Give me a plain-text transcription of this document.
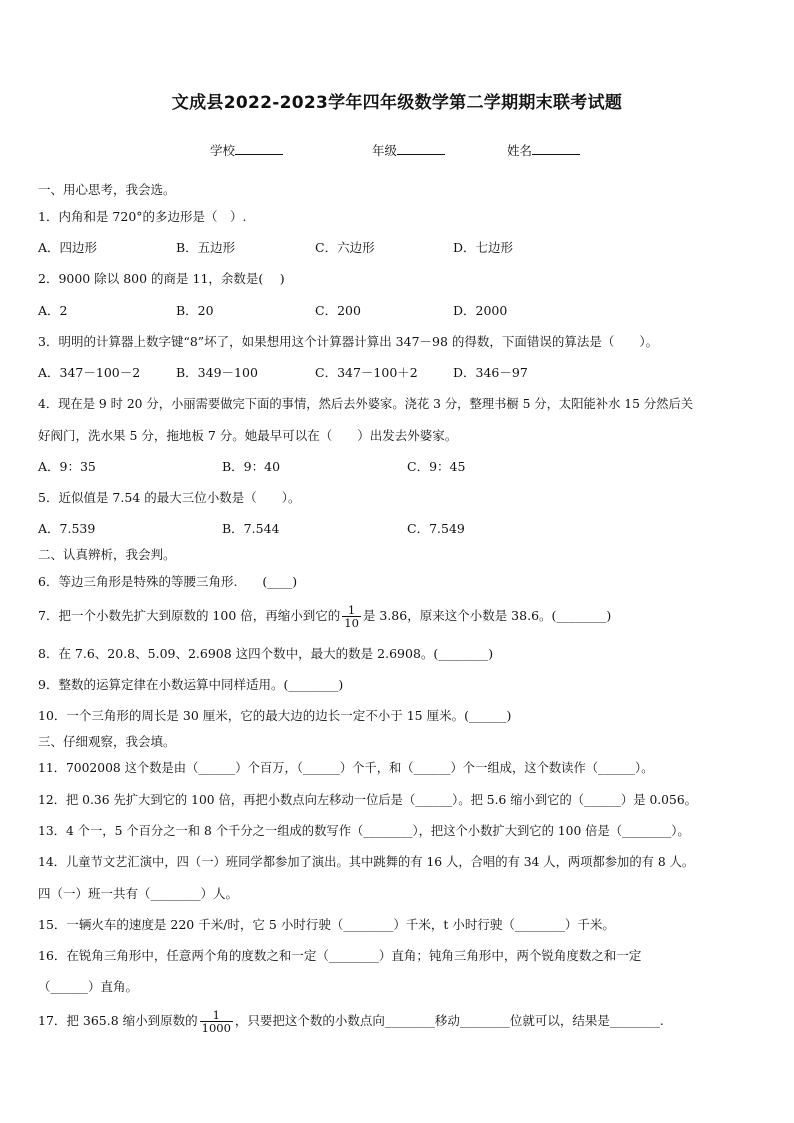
文成县2022-2023学年四年级数学第二学期期末联考试题
学校	年级	姓名
一、用心思考，我会选。
1．内角和是 720°的多边形是（　）.
A．四边形	B．五边形	C．六边形	D．七边形
2．9000 除以 800 的商是 11，余数是(　 )
A．2	B．20	C．200	D．2000
3．明明的计算器上数字键“8”坏了，如果想用这个计算器计算出 347－98 的得数，下面错误的算法是（　　）。
A．347－100－2	B．349－100	C．347－100＋2	D．346－97
4．现在是 9 时 20 分，小丽需要做完下面的事情，然后去外婆家。浇花 3 分，整理书橱 5 分，太阳能补水 15 分然后关
好阀门，洗水果 5 分，拖地板 7 分。她最早可以在（　　）出发去外婆家。
A．9：35	B．9：40	C．9：45
5．近似值是 7.54 的最大三位小数是（　　）。
A．7.539	B．7.544	C．7.549
二、认真辨析，我会判。
6．等边三角形是特殊的等腰三角形.　　(____)
7．把一个小数先扩大到原数的 100 倍，再缩小到它的 $\frac{1}{10}$ 是 3.86，原来这个小数是 38.6。(________)
8．在 7.6、20.8、5.09、2.6908 这四个数中，最大的数是 2.6908。(________)
9．整数的运算定律在小数运算中同样适用。(________)
10．一个三角形的周长是 30 厘米，它的最大边的边长一定不小于 15 厘米。(______)
三、仔细观察，我会填。
11．7002008 这个数是由（______）个百万，（______）个千，和（______）个一组成，这个数读作（______）。
12．把 0.36 先扩大到它的 100 倍，再把小数点向左移动一位后是（______）。把 5.6 缩小到它的（______）是 0.056。
13．4 个一，5 个百分之一和 8 个千分之一组成的数写作（________），把这个小数扩大到它的 100 倍是（________）。
14．儿童节文艺汇演中，四（一）班同学都参加了演出。其中跳舞的有 16 人，合唱的有 34 人，两项都参加的有 8 人。
四（一）班一共有（________）人。
15．一辆火车的速度是 220 千米/时，它 5 小时行驶（________）千米，t 小时行驶（________）千米。
16．在锐角三角形中，任意两个角的度数之和一定（________）直角；钝角三角形中，两个锐角度数之和一定
（______）直角。
17．把 365.8 缩小到原数的 $\frac{1}{1000}$ ，只要把这个数的小数点向________移动________位就可以，结果是________.
